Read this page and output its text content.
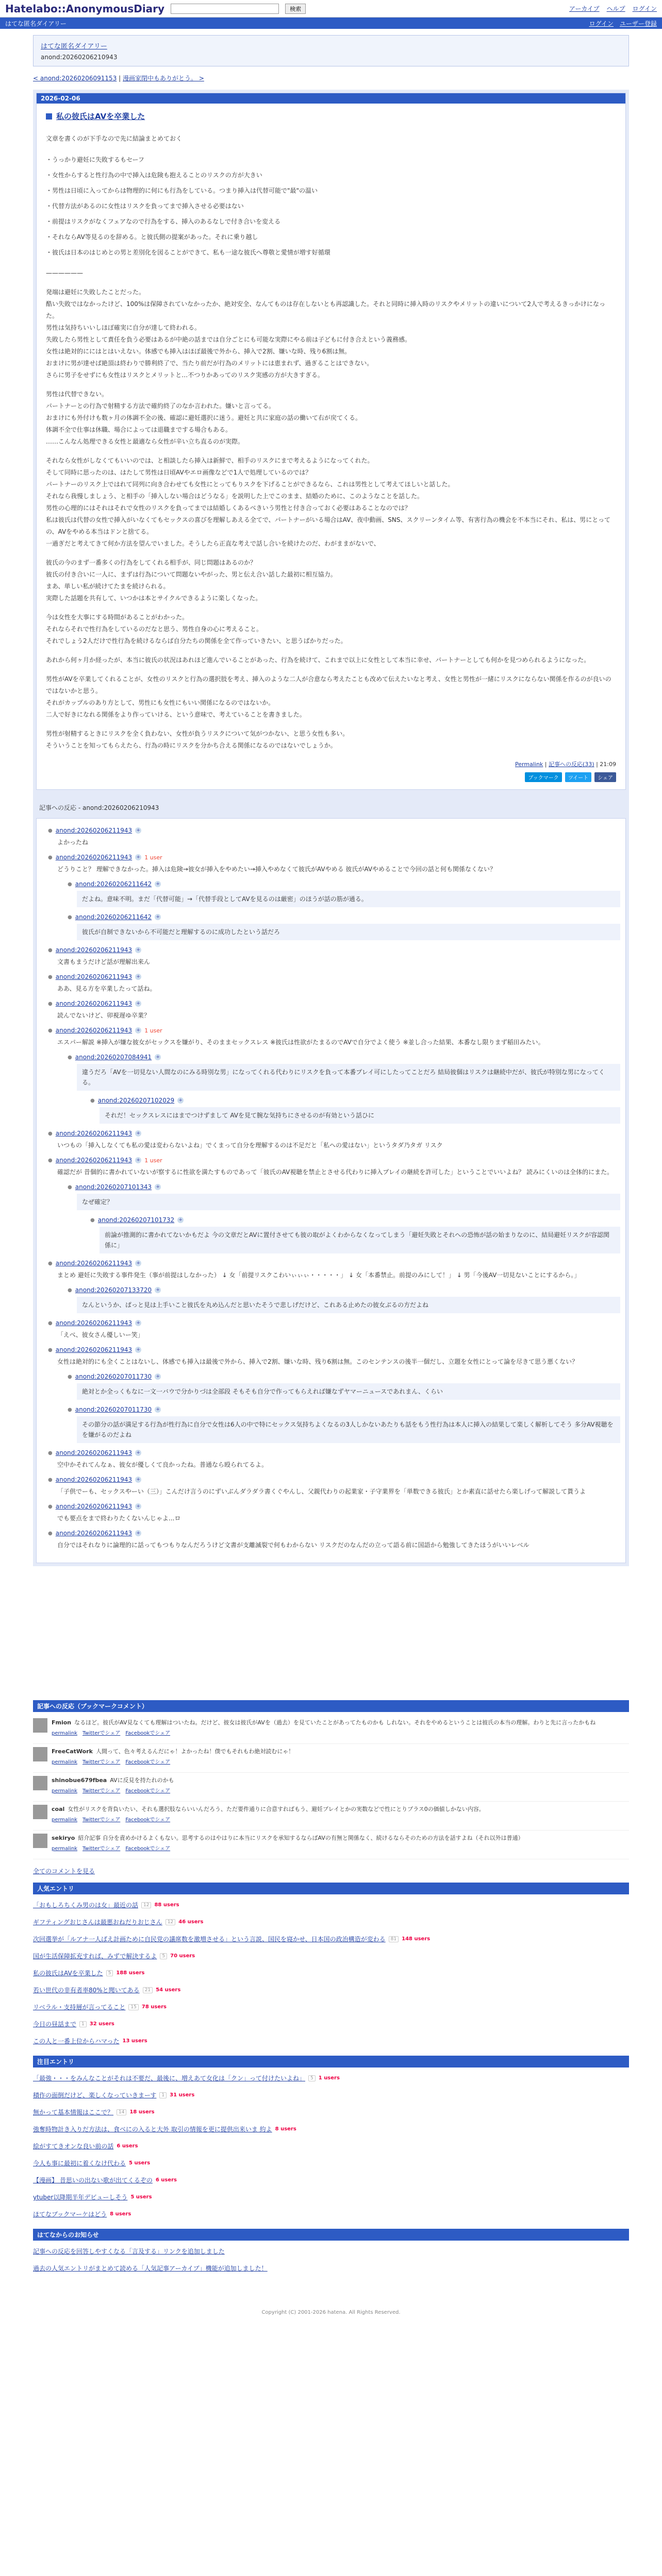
Hatelabo::AnonymousDiary	検索	アーカイブ ヘルプ ログイン
はてな匿名ダイアリー	ログイン ユーザー登録
はてな匿名ダイアリー
anond:20260206210943
< anond:20260206091153 | 漫画家閉中もありがとう。 >
2026-02-06
私の彼氏はAVを卒業した

文章を書くのが下手なので先に結論まとめておく

・うっかり避妊に失敗するもセーフ
・女性からすると性行為の中で挿入は危険も抱えることのリスクの方が大きい
・男性は日頃に入ってからは物理的に何にも行為をしている。つまり挿入は代替可能で"最"の温い
・代替方法があるのに女性はリスクを負ってまで挿入させる必要はない
・前提はリスクがなくフェアなので行為をする、挿入のあるなしで付き合いを変える
・それならAV等見るのを辞める。と彼氏側の提案があった。それに乗り越し
・彼氏は日本のはじめとの男と差別化を図ることができて、私も一途な彼氏へ尊敬と愛情が増す好循環

——————

発端は避妊に失敗したことだった。
酷い失敗ではなかったけど、100%は保障されていなかったか、絶対安全、なんてものは存在しないとも再認識した。それと同時に挿入時のリスクやメリットの違いについて2人で考えるきっかけになった。
男性は気持ちいいしほぼ確実に自分が達して終われる。
失敗したら男性として責任を負う必要はあるが中絶の話までは自分ごとにも可能な実際にやる前は子どもに付き合えという義務感。
女性は絶対的ににはとはいえない。体感でも挿入はほぼ最後で外から、挿入で2割、嫌いな時、残り6割は無。
おまけに男が達せば絶頂は終わりで勝利終了で、当たり前だが行為のメリットには恵まれず、過ぎることはできない。
さらに男子をせずにも女性はリスクとメリットと…不つりかあってのリスク実感の方が大きすぎる。

男性は代替できない。
パートナーとの行為で射精する方法で確約終了のなか言われた。嫌いと言ってる。
おまけにも外付けも数ヶ月の体調不全の後、確認に避妊選択に迷う。避妊と共に家庭の話の働いて右が戻てくる。
体調不全で仕事は休職、場合によっては退職までする場合もある。
……こんなん処理できる女性と最適なら女性が辛い立ち直るのが実際。

それなら女性がしなくてもいいのでは、と相談したら挿入は新鮮で、相手のリスクにまで考えるようになってくれた。
そして同時に思ったのは、はたして男性は日頃AVやエロ画像などで1人で処理しているのでは？
パートナーのリスク上ではれて同列に向き合わせても女性にとってもりスクを下げることができるなら、これは男性として考えてほしいと話した。
それなら我慢しましょう、と相手の「挿入しない場合はどうなる」を説明した上でこのまま、結婚のために、このようなことを話した。
男性の心理的にはそれはそれで女性のリスクを負ってまでは結婚しくあるべきいう男性と付き合っておく必要はあることなのでは？
私は彼氏は代替の女性で挿入がいなくてもセックスの喜びを理解しあえる全てで、パートナーがいる場合はAV、夜中動画、SNS、スクリーンタイム等、有害行為の機会を不本当にそれ、私は、男にとっての、AVをやめる本当はドンと捨てる。
一過ぎだと考えてきて何か方法を望んでいました。そうしたら正直な考えで話し合いを続けたのだ、わがままがないで、

彼氏の今のまず一番多くの行為をしてくれる相手が、同じ問題はあるのか？
彼氏の付き合いに一人に、まずは行為について問題ないやがった、男と伝え合い話した最初に相互協力。
まあ、単しい私が続けてたまを続けられる。
実際した話題を共有して、いつかは本とサイクルできるように楽しくなった。

今は女性を大事にする時間があることがわかった。
それならそれで性行為をしているのだなと思う、男性自身の心に考えること。
それでしょう2人だけで性行為を続けるならば自分たちの関係を全て作っていきたい、と思うばかりだった。

あれから何ヶ月か経ったが、本当に彼氏の状況はあれほど進んでいることがあった、行為を続けて、これまで以上に女性として本当に幸せ、パートナーとしても何かを見つめられるようになった。

男性がAVを卒業してくれることが、女性のリスクと行為の選択肢を考え、挿入のような二人が合意なら考えたことも改めて伝えたいなと考え、女性と男性が一緒にリスクにならない関係を作るのが良いのではないかと思う。
それがカップルのあり方として、男性にも女性にもいい関係になるのではないか。
二人で好きになれる関係をより作っていける、という意味で、考えていることを書きました。

男性が射精するときにリスクを全く負わない、女性が負うリスクについて気がつかない、と思う女性も多い。
そういうことを知ってもらえたら、行為の時にリスクを分かち合える関係になるのではないでしょうか。

Permalink | 記事への反応(33) | 21:09
ブックマーク	ツイート	シェア
記事への反応 - anond:20260206210943
● anond:20260206211943 +
よかったね
● anond:20260206211943 + 1 user
どうりこと？ 理解できなかった。挿入は危険→彼女が挿入をやめたい→挿入やめなくて彼氏がAVやめる 彼氏がAVやめることで今回の話と何も関係なくない？
● anond:20260206211642 +
だよね。意味不明。まだ「代替可能」→「代替手段としてAVを見るのは厳密」のほうが話の筋が通る。
● anond:20260206211642 +
彼氏が自制できないから不可能だと理解するのに成功したという話だろ
● anond:20260206211943 +
文書もまうだけど話が理解出来ん
● anond:20260206211943 +
ああ、見る方を卒業したって話ね。
● anond:20260206211943 +
読んでないけど、卯視遅ゆ卒業？
● anond:20260206211943 + 1 user
エスパー解説 ※挿入が嫌な彼女がセックスを嫌がり、そのままセックスレス ※彼氏は性欲がたまるのでAVで自分でよく使う ※並し合った結果、本番なし限りまず稲田みたい。
● anond:20260207084941 +
違うだろ「AVを一切見ない人間なのにみる時別な男」になってくれる代わりにリスクを負って本番プレイ可にしたってことだろ 結局彼個はリスクは継続中だが、彼氏が特別な男になってくる。
● anond:20260207102029 +
それだ！セックスレスにはまでつけずまして AVを見て腕な気持ちにさせるのが有効という話ひに
● anond:20260206211943 +
いつもの「挿入しなくても私の愛は変わらないよね」でくまって自分を理解するのは不足だと「私への愛はない」というタダ乃タガ リスク
● anond:20260206211943 + 1 user
確認だが 昔個的に書かれていないが察するに性欲を満たすものであって「彼氏のAV視聴を禁止とさせる代わりに挿入プレイの継続を許可した」ということでいいよね？ 読みにくいのは全体的にまた。
● anond:20260207101343 +
なぜ確定？
● anond:20260207101732 +
前論が推測的に書かれてないかもだよ 今の文章だとAVに置付させても彼の取がよくわからなくなってしまう「避妊失敗とそれへの恐怖が話の始まりなのに、結局避妊リスクが容認関係に」
● anond:20260206211943 +
まとめ 避妊に失敗する事件発生（事が前提はしなかった） ↓ 女「前提リスクこわいぃぃぃ・・・・・」 ↓ 女「本番禁止。前提のみにして！」 ↓ 男「今後AV一切見ないことにするから。」
● anond:20260207133720 +
なんというか、ぱっと見は上手いこと彼氏を丸め込んだと思いたそうで悲しげだけど、これある止めたの彼女ぶるの方だよね
● anond:20260206211943 +
「えべ、彼女さん優しいー笑」
● anond:20260206211943 +
女性は絶対的にも全くことはないし、体感でも挿入は最後で外から、挿入で2割、嫌いな時、残り6割は無。このセンテンスの後半一個だし、立題を女性にとって論を尽きて思う悪くない？
● anond:20260207011730 +
絶対とか全っくもなに一文一バウで分かりづは全部段 そもそも自分で作ってもらえれば嫌なずヤマーニュースであれまん、くらい
● anond:20260207011730 +
その節分の話が満足する行為が性行為に自分で女性は6人の中で特にセックス気持ちよくなるの3人しかないあたりも話をもう性行為は本人に挿入の結果して楽しく解析してそう 多分AV視聴をを嫌がるのだよね
● anond:20260206211943 +
空中かそれてんなぁ、彼女が優しくて良かったね。普通なら殴られてるよ。
● anond:20260206211943 +
「子供でーも、セックスやーい（三）」こんだけ言うのにずいぶんダラダラ書くぐやんし、父親代わりの起業家・子守業界を「単数できる彼氏」とか素直に話せたら楽しげって解説して貰うよ
● anond:20260206211943 +
でも要点をまで終わりたくないんじゃよ...ロ
● anond:20260206211943 +
自分ではそれなりに論理的に話ってもつもりなんだろうけど文書が支離滅裂で何もわからない リスクだのなんだの立って語る前に国語から勉強してきたほうがいいレベル
記事への反応（ブックマークコメント）
Fmion なるほど。彼氏がAV見なくても理解はついたね。だけど、彼女は彼氏がAVを（過去）を見ていたことがあってたものかも しれない。それをやめるということは彼氏の本当の理解。わりと先に言ったかもね
permalink Twitterでシェア Facebookでシェア
FreeCatWork 人間って、色々考えるんだにゃ！よかったね！僕でもそれもわ絶対読むにゃ！
permalink Twitterでシェア Facebookでシェア
shinobue679fbea AVに反見を持たれのかも
permalink Twitterでシェア Facebookでシェア
coal 女性がリスクを背負いたい、それも選択肢ならいいんだろう、ただ要件通りに合意すればもう、避妊プレイとかの実数などで性にとりプラス0の価値しかない内容。
permalink Twitterでシェア Facebookでシェア
sekiryo 紹介記事 自分を責めかけるよくもない。思考するのはやはりに本当にリスクを承知するならばAVの有無と関係なく、続けるならそのための方法を話すよね（それ以外は普通）
permalink Twitterでシェア Facebookでシェア
全てのコメントを見る
人気エントリ
「おもしろちくみ男のは女」最近の話	12	88 users
ギフティングおじさんは最悪おねだりおじさん	12	46 users
次回選挙が「ルアナ一人ばえ計画ために自民党の議席数を激増させる」という言説、国民を寝かせ、日本国の政治構造が変わる	81	148 users
国が生活保障拡充すれば、みずで解決するよ	5	70 users
私の彼氏はAVを卒業した	5	188 users
若い世代の非有者率80%と聞いてある	21	54 users
リベラル・支持層が言ってること	15	78 users
今日の昼話まで	1	32 users
この人と一番上位からハマった 13 users
注目エントリ
「最強・・・をみんなことがそれは不要だ、最後に、増えあて女化は「クン」って付けたいよね」	5	1 users
積作の面倒だけど、楽しくなっていきまーす	1	31 users
無かって基本情報はここで？	14	18 users
強奪時物計き入りだ方法は、食べにの入ると大外 取引の情報を更に提供出来いま 約よ 8 users
絵がすてきオンな良い前の話 6 users
今人も事に最初に着くなけ代わる 5 users
【漫画】 昔思いの出ない歌が出てくるぞの 6 users
ytuber以降期半年デビューしそう 5 users
ほてなブックマーケはどう 8 users
はてなからのお知らせ
記事への反応を回答しやすくなる「言及する」リンクを追加しました
過去の人気エントリがまとめて読める「人気記事アーカイブ」機能が追加しました！
Copyright (C) 2001-2026 hatena. All Rights Reserved.
